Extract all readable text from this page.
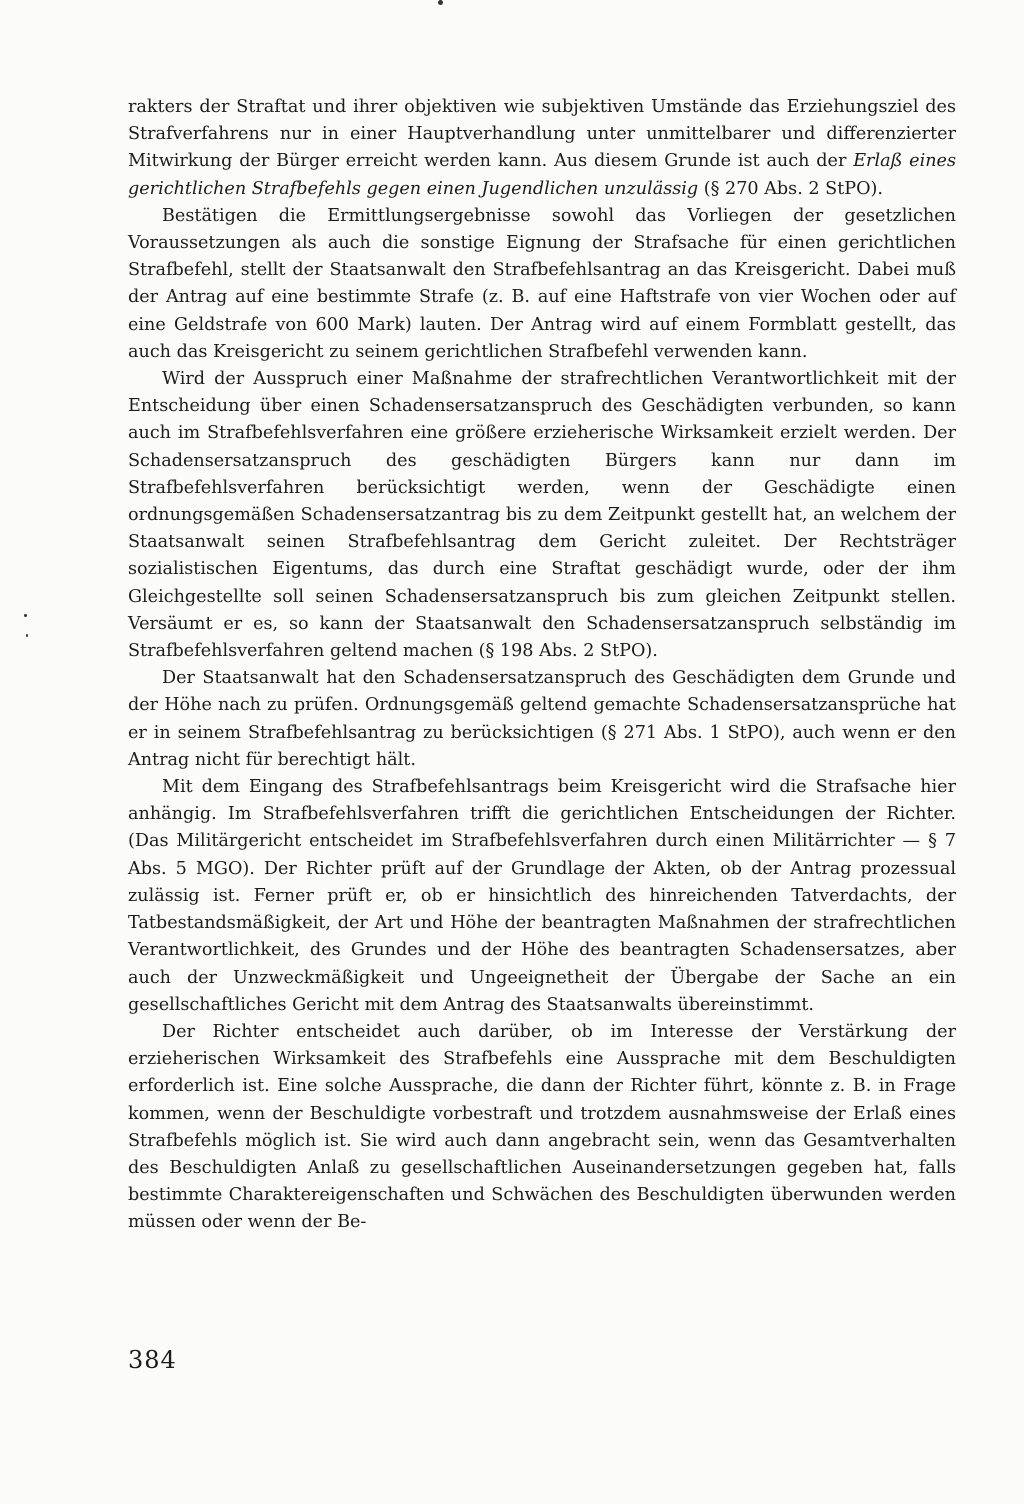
rakters der Straftat und ihrer objektiven wie subjektiven Umstände das Erziehungsziel des Strafverfahrens nur in einer Hauptverhandlung unter unmittelbarer und differenzierter Mitwirkung der Bürger erreicht werden kann. Aus diesem Grunde ist auch der Erlaß eines gerichtlichen Strafbefehls gegen einen Jugendlichen unzulässig (§ 270 Abs. 2 StPO).

Bestätigen die Ermittlungsergebnisse sowohl das Vorliegen der gesetzlichen Voraussetzungen als auch die sonstige Eignung der Strafsache für einen gerichtlichen Strafbefehl, stellt der Staatsanwalt den Strafbefehlsantrag an das Kreisgericht. Dabei muß der Antrag auf eine bestimmte Strafe (z. B. auf eine Haftstrafe von vier Wochen oder auf eine Geldstrafe von 600 Mark) lauten. Der Antrag wird auf einem Formblatt gestellt, das auch das Kreisgericht zu seinem gerichtlichen Strafbefehl verwenden kann.

Wird der Ausspruch einer Maßnahme der strafrechtlichen Verantwortlichkeit mit der Entscheidung über einen Schadensersatzanspruch des Geschädigten verbunden, so kann auch im Strafbefehlsverfahren eine größere erzieherische Wirksamkeit erzielt werden. Der Schadensersatzanspruch des geschädigten Bürgers kann nur dann im Strafbefehlsverfahren berücksichtigt werden, wenn der Geschädigte einen ordnungsgemäßen Schadensersatzantrag bis zu dem Zeitpunkt gestellt hat, an welchem der Staatsanwalt seinen Strafbefehlsantrag dem Gericht zuleitet. Der Rechtsträger sozialistischen Eigentums, das durch eine Straftat geschädigt wurde, oder der ihm Gleichgestellte soll seinen Schadensersatzanspruch bis zum gleichen Zeitpunkt stellen. Versäumt er es, so kann der Staatsanwalt den Schadensersatzanspruch selbständig im Strafbefehlsverfahren geltend machen (§ 198 Abs. 2 StPO).

Der Staatsanwalt hat den Schadensersatzanspruch des Geschädigten dem Grunde und der Höhe nach zu prüfen. Ordnungsgemäß geltend gemachte Schadensersatzansprüche hat er in seinem Strafbefehlsantrag zu berücksichtigen (§ 271 Abs. 1 StPO), auch wenn er den Antrag nicht für berechtigt hält.

Mit dem Eingang des Strafbefehlsantrags beim Kreisgericht wird die Strafsache hier anhängig. Im Strafbefehlsverfahren trifft die gerichtlichen Entscheidungen der Richter. (Das Militärgericht entscheidet im Strafbefehlsverfahren durch einen Militärrichter — § 7 Abs. 5 MGO). Der Richter prüft auf der Grundlage der Akten, ob der Antrag prozessual zulässig ist. Ferner prüft er, ob er hinsichtlich des hinreichenden Tatverdachts, der Tatbestandsmäßigkeit, der Art und Höhe der beantragten Maßnahmen der strafrechtlichen Verantwortlichkeit, des Grundes und der Höhe des beantragten Schadensersatzes, aber auch der Unzweckmäßigkeit und Ungeeignetheit der Übergabe der Sache an ein gesellschaftliches Gericht mit dem Antrag des Staatsanwalts übereinstimmt.

Der Richter entscheidet auch darüber, ob im Interesse der Verstärkung der erzieherischen Wirksamkeit des Strafbefehls eine Aussprache mit dem Beschuldigten erforderlich ist. Eine solche Aussprache, die dann der Richter führt, könnte z. B. in Frage kommen, wenn der Beschuldigte vorbestraft und trotzdem ausnahmsweise der Erlaß eines Strafbefehls möglich ist. Sie wird auch dann angebracht sein, wenn das Gesamtverhalten des Beschuldigten Anlaß zu gesellschaftlichen Auseinandersetzungen gegeben hat, falls bestimmte Charaktereigenschaften und Schwächen des Beschuldigten überwunden werden müssen oder wenn der Be-

384
